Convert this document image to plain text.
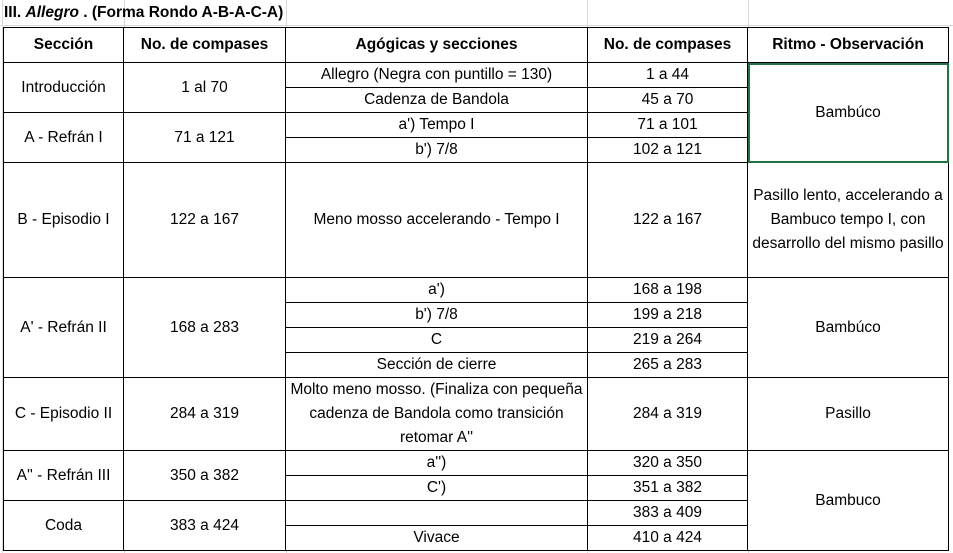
III. Allegro . (Forma Rondo A-B-A-C-A)
Sección	No. de compases	Agógicas y secciones	No. de compases	Ritmo - Observación
Introducción	1 al 70	Allegro (Negra con puntillo = 130)	1 a 44	Bambúco
		Cadenza de Bandola	45 a 70	
A - Refrán I	71 a 121	a') Tempo I	71 a 101	
		b') 7/8	102 a 121	
B - Episodio I	122 a 167	Meno mosso accelerando - Tempo I	122 a 167	Pasillo lento, accelerando a Bambuco tempo I, con desarrollo del mismo pasillo
A' - Refrán II	168 a 283	a')	168 a 198	Bambúco
		b') 7/8	199 a 218	
		C	219 a 264	
		Sección de cierre	265 a 283	
C - Episodio II	284 a 319	Molto meno mosso. (Finaliza con pequeña cadenza de Bandola como transición retomar A''	284 a 319	Pasillo
A'' - Refrán III	350 a 382	a'')	320 a 350	Bambuco
		C')	351 a 382	
Coda	383 a 424		383 a 409	
		Vivace	410 a 424	
